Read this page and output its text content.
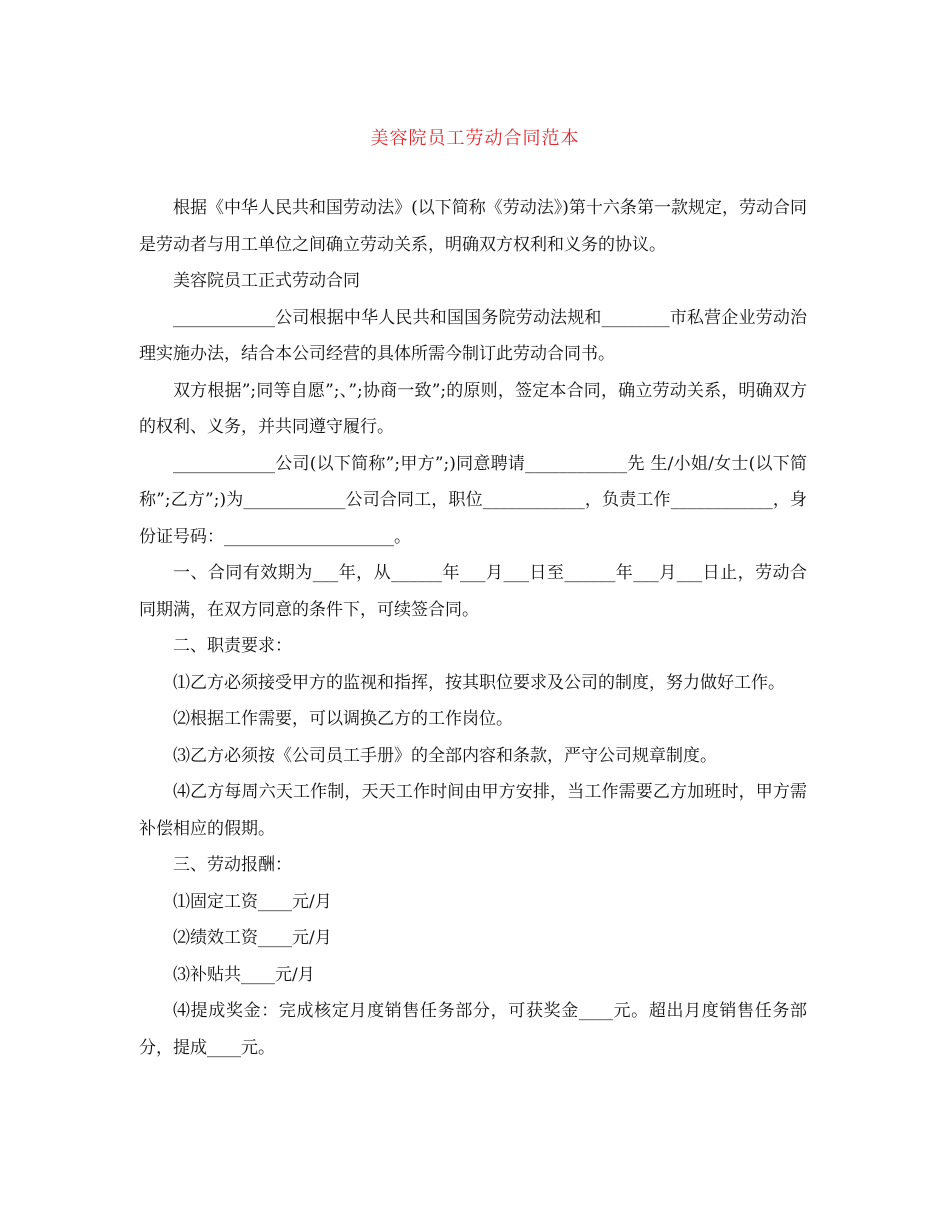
美容院员工劳动合同范本

根据《中华人民共和国劳动法》(以下简称《劳动法》)第十六条第一款规定，劳动合同是劳动者与用工单位之间确立劳动关系，明确双方权利和义务的协议。

美容院员工正式劳动合同

____________公司根据中华人民共和国国务院劳动法规和________市私营企业劳动治理实施办法，结合本公司经营的具体所需今制订此劳动合同书。

双方根据”;同等自愿”;、”;协商一致”;的原则，签定本合同，确立劳动关系，明确双方的权利、义务，并共同遵守履行。

____________公司(以下简称”;甲方”;)同意聘请____________先 生/小姐/女士(以下简称”;乙方”;)为____________公司合同工，职位____________，负责工作____________，身份证号码：____________________。

一、合同有效期为___年，从______年___月___日至______年___月___日止，劳动合同期满，在双方同意的条件下，可续签合同。

二、职责要求：

⑴乙方必须接受甲方的监视和指挥，按其职位要求及公司的制度，努力做好工作。

⑵根据工作需要，可以调换乙方的工作岗位。

⑶乙方必须按《公司员工手册》的全部内容和条款，严守公司规章制度。

⑷乙方每周六天工作制，天天工作时间由甲方安排，当工作需要乙方加班时，甲方需补偿相应的假期。

三、劳动报酬：

⑴固定工资____元/月

⑵绩效工资____元/月

⑶补贴共____元/月

⑷提成奖金：完成核定月度销售任务部分，可获奖金____元。超出月度销售任务部分，提成____元。
